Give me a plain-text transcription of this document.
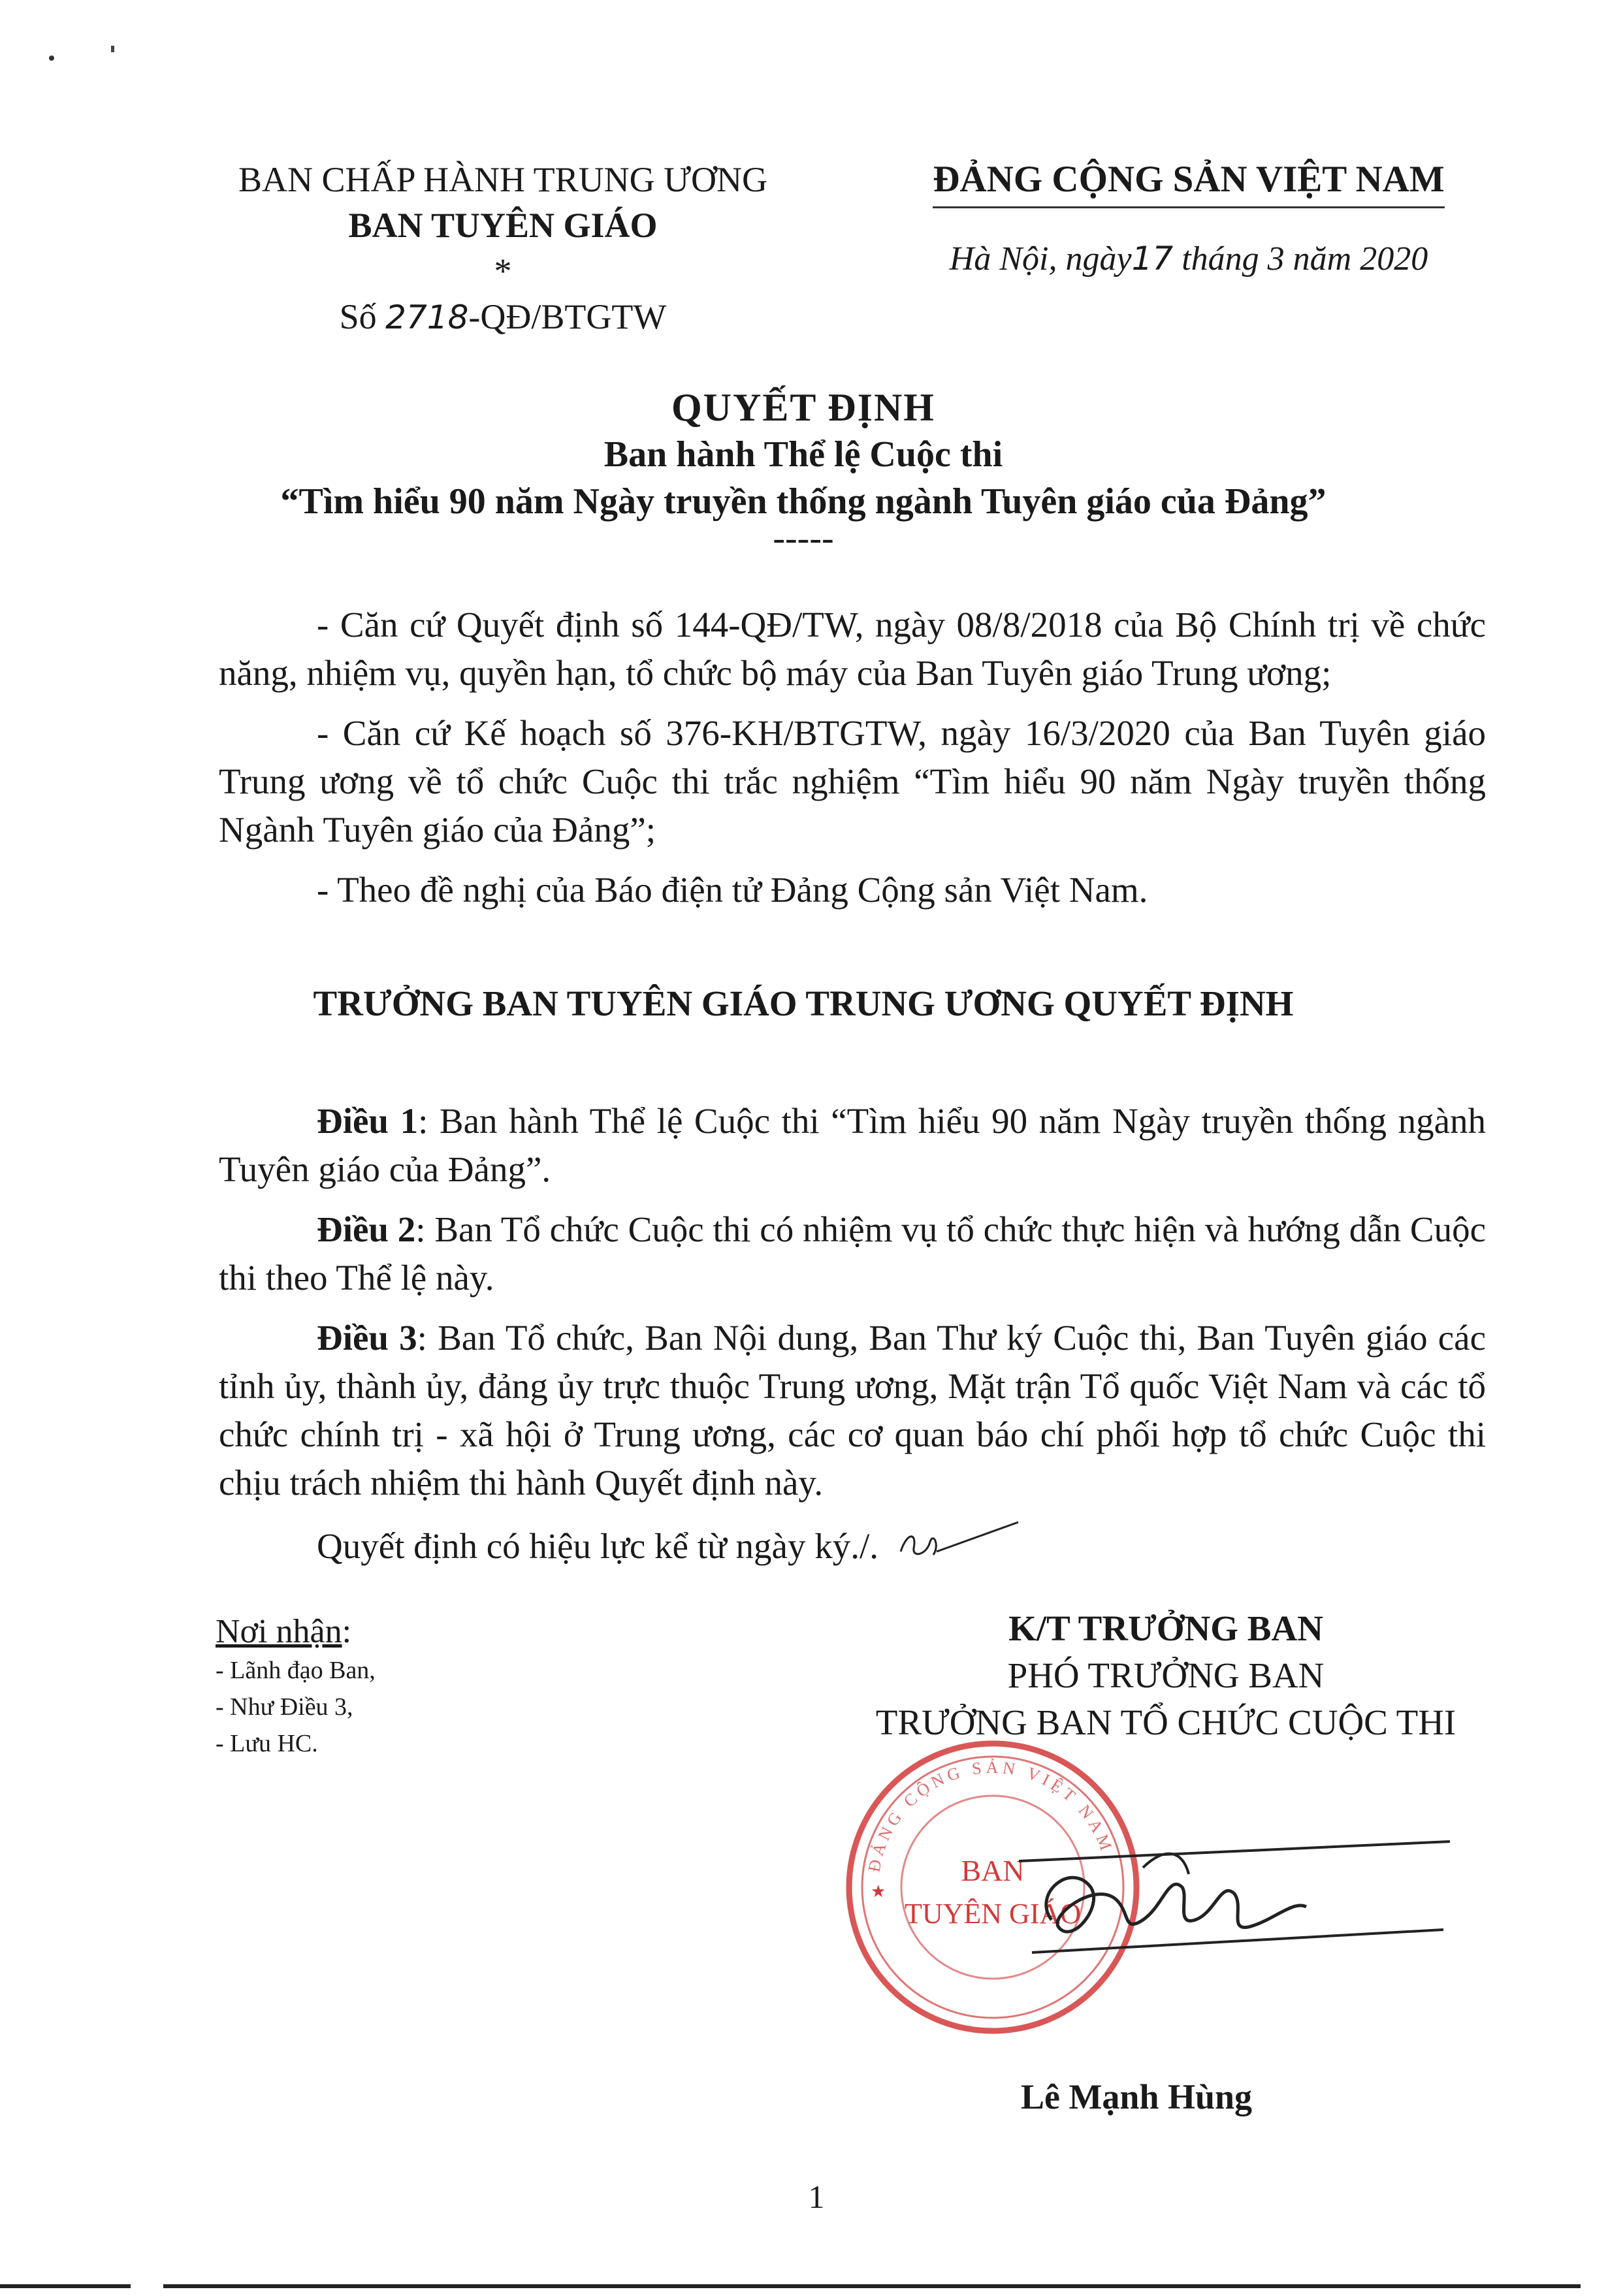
BAN CHẤP HÀNH TRUNG ƯƠNG
BAN TUYÊN GIÁO
*
Số 2718-QĐ/BTGTW
ĐẢNG CỘNG SẢN VIỆT NAM
Hà Nội, ngày17 tháng 3 năm 2020
QUYẾT ĐỊNH
Ban hành Thể lệ Cuộc thi
“Tìm hiểu 90 năm Ngày truyền thống ngành Tuyên giáo của Đảng”
-----

- Căn cứ Quyết định số 144-QĐ/TW, ngày 08/8/2018 của Bộ Chính trị về chức năng, nhiệm vụ, quyền hạn, tổ chức bộ máy của Ban Tuyên giáo Trung ương;

- Căn cứ Kế hoạch số 376-KH/BTGTW, ngày 16/3/2020 của Ban Tuyên giáo Trung ương về tổ chức Cuộc thi trắc nghiệm “Tìm hiểu 90 năm Ngày truyền thống Ngành Tuyên giáo của Đảng”;

- Theo đề nghị của Báo điện tử Đảng Cộng sản Việt Nam.

TRƯỞNG BAN TUYÊN GIÁO TRUNG ƯƠNG QUYẾT ĐỊNH

Điều 1: Ban hành Thể lệ Cuộc thi “Tìm hiểu 90 năm Ngày truyền thống ngành Tuyên giáo của Đảng”.

Điều 2: Ban Tổ chức Cuộc thi có nhiệm vụ tổ chức thực hiện và hướng dẫn Cuộc thi theo Thể lệ này.

Điều 3: Ban Tổ chức, Ban Nội dung, Ban Thư ký Cuộc thi, Ban Tuyên giáo các tỉnh ủy, thành ủy, đảng ủy trực thuộc Trung ương, Mặt trận Tổ quốc Việt Nam và các tổ chức chính trị - xã hội ở Trung ương, các cơ quan báo chí phối hợp tổ chức Cuộc thi chịu trách nhiệm thi hành Quyết định này.

Quyết định có hiệu lực kể từ ngày ký./.

Nơi nhận:
- Lãnh đạo Ban,
- Như Điều 3,
- Lưu HC.
K/T TRƯỞNG BAN
PHÓ TRƯỞNG BAN
TRƯỞNG BAN TỔ CHỨC CUỘC THI
ĐẢNG CỘNG SẢN VIỆT NAM
BAN
TUYÊN GIÁO
★
Lê Mạnh Hùng
1
